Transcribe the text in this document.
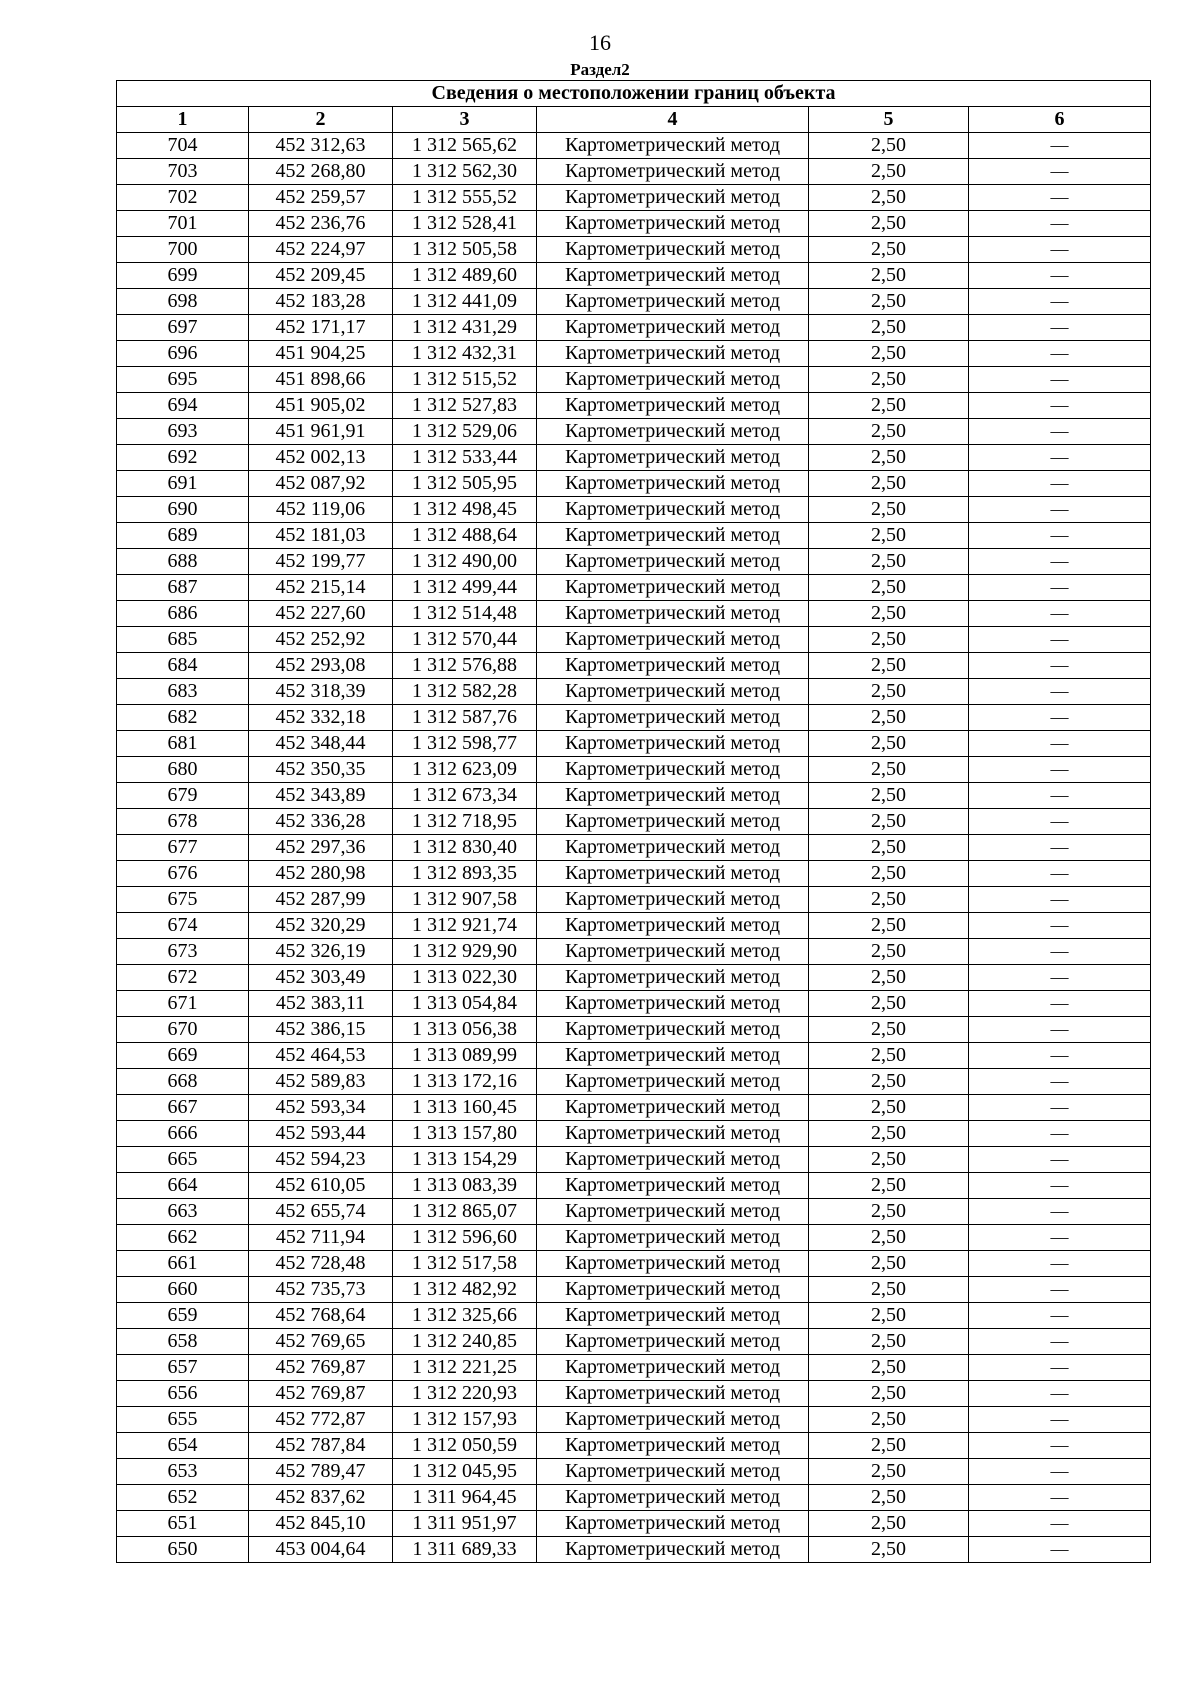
16
Раздел2
Сведения о местоположении границ объекта					
1	2	3	4	5	6
704	452 312,63	1 312 565,62	Картометрический метод	2,50	—
703	452 268,80	1 312 562,30	Картометрический метод	2,50	—
702	452 259,57	1 312 555,52	Картометрический метод	2,50	—
701	452 236,76	1 312 528,41	Картометрический метод	2,50	—
700	452 224,97	1 312 505,58	Картометрический метод	2,50	—
699	452 209,45	1 312 489,60	Картометрический метод	2,50	—
698	452 183,28	1 312 441,09	Картометрический метод	2,50	—
697	452 171,17	1 312 431,29	Картометрический метод	2,50	—
696	451 904,25	1 312 432,31	Картометрический метод	2,50	—
695	451 898,66	1 312 515,52	Картометрический метод	2,50	—
694	451 905,02	1 312 527,83	Картометрический метод	2,50	—
693	451 961,91	1 312 529,06	Картометрический метод	2,50	—
692	452 002,13	1 312 533,44	Картометрический метод	2,50	—
691	452 087,92	1 312 505,95	Картометрический метод	2,50	—
690	452 119,06	1 312 498,45	Картометрический метод	2,50	—
689	452 181,03	1 312 488,64	Картометрический метод	2,50	—
688	452 199,77	1 312 490,00	Картометрический метод	2,50	—
687	452 215,14	1 312 499,44	Картометрический метод	2,50	—
686	452 227,60	1 312 514,48	Картометрический метод	2,50	—
685	452 252,92	1 312 570,44	Картометрический метод	2,50	—
684	452 293,08	1 312 576,88	Картометрический метод	2,50	—
683	452 318,39	1 312 582,28	Картометрический метод	2,50	—
682	452 332,18	1 312 587,76	Картометрический метод	2,50	—
681	452 348,44	1 312 598,77	Картометрический метод	2,50	—
680	452 350,35	1 312 623,09	Картометрический метод	2,50	—
679	452 343,89	1 312 673,34	Картометрический метод	2,50	—
678	452 336,28	1 312 718,95	Картометрический метод	2,50	—
677	452 297,36	1 312 830,40	Картометрический метод	2,50	—
676	452 280,98	1 312 893,35	Картометрический метод	2,50	—
675	452 287,99	1 312 907,58	Картометрический метод	2,50	—
674	452 320,29	1 312 921,74	Картометрический метод	2,50	—
673	452 326,19	1 312 929,90	Картометрический метод	2,50	—
672	452 303,49	1 313 022,30	Картометрический метод	2,50	—
671	452 383,11	1 313 054,84	Картометрический метод	2,50	—
670	452 386,15	1 313 056,38	Картометрический метод	2,50	—
669	452 464,53	1 313 089,99	Картометрический метод	2,50	—
668	452 589,83	1 313 172,16	Картометрический метод	2,50	—
667	452 593,34	1 313 160,45	Картометрический метод	2,50	—
666	452 593,44	1 313 157,80	Картометрический метод	2,50	—
665	452 594,23	1 313 154,29	Картометрический метод	2,50	—
664	452 610,05	1 313 083,39	Картометрический метод	2,50	—
663	452 655,74	1 312 865,07	Картометрический метод	2,50	—
662	452 711,94	1 312 596,60	Картометрический метод	2,50	—
661	452 728,48	1 312 517,58	Картометрический метод	2,50	—
660	452 735,73	1 312 482,92	Картометрический метод	2,50	—
659	452 768,64	1 312 325,66	Картометрический метод	2,50	—
658	452 769,65	1 312 240,85	Картометрический метод	2,50	—
657	452 769,87	1 312 221,25	Картометрический метод	2,50	—
656	452 769,87	1 312 220,93	Картометрический метод	2,50	—
655	452 772,87	1 312 157,93	Картометрический метод	2,50	—
654	452 787,84	1 312 050,59	Картометрический метод	2,50	—
653	452 789,47	1 312 045,95	Картометрический метод	2,50	—
652	452 837,62	1 311 964,45	Картометрический метод	2,50	—
651	452 845,10	1 311 951,97	Картометрический метод	2,50	—
650	453 004,64	1 311 689,33	Картометрический метод	2,50	—
